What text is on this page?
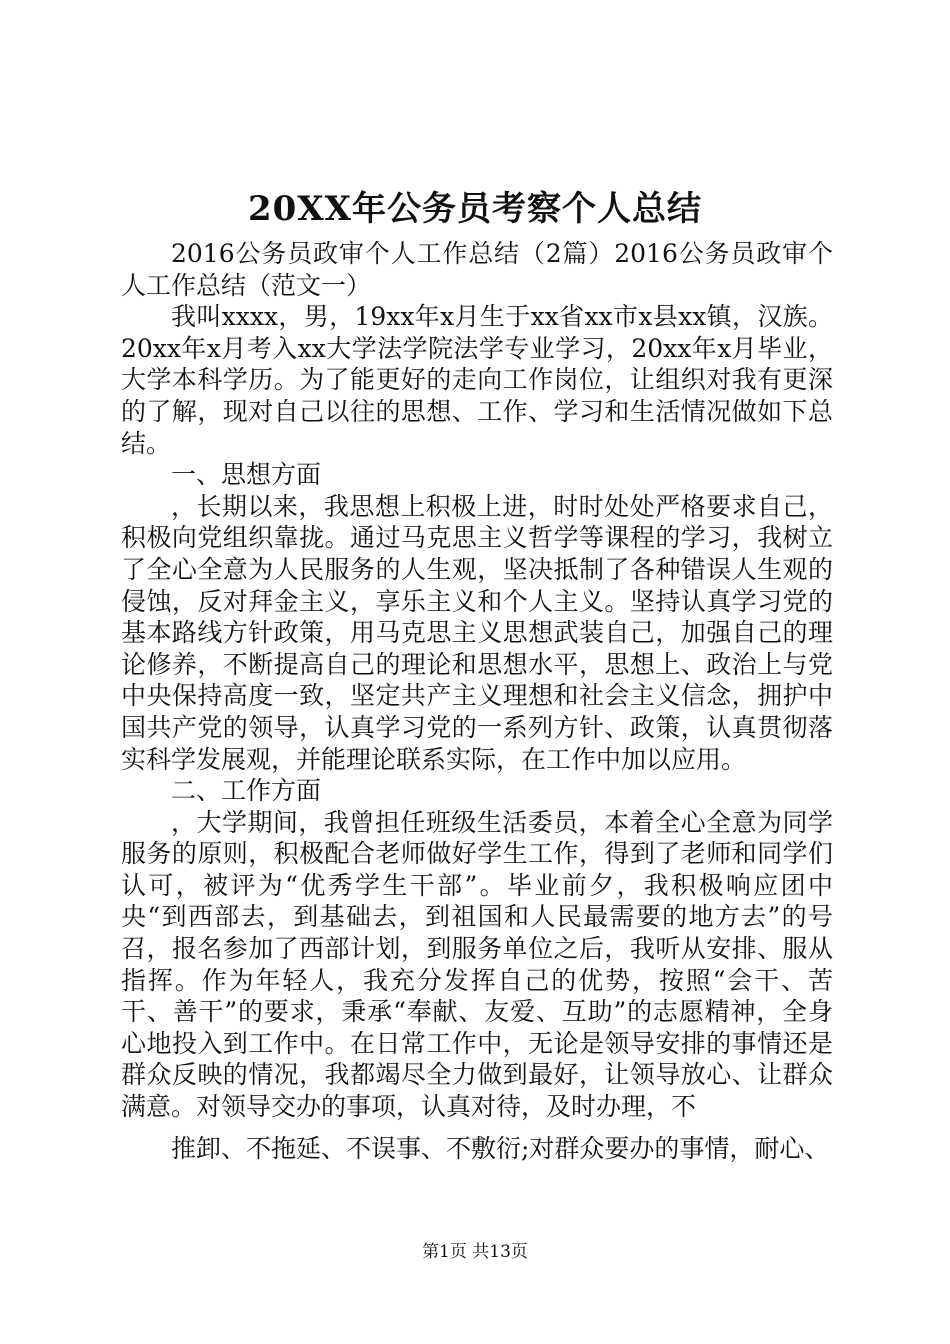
20XX年公务员考察个人总结

2016公务员政审个人工作总结（2篇）2016公务员政审个人工作总结（范文一）

我叫xxxx，男，19xx年x月生于xx省xx市x县xx镇，汉族。20xx年x月考入xx大学法学院法学专业学习，20xx年x月毕业，大学本科学历。为了能更好的走向工作岗位，让组织对我有更深的了解，现对自己以往的思想、工作、学习和生活情况做如下总结。

一、思想方面

，长期以来，我思想上积极上进，时时处处严格要求自己，积极向党组织靠拢。通过马克思主义哲学等课程的学习，我树立了全心全意为人民服务的人生观，坚决抵制了各种错误人生观的侵蚀，反对拜金主义，享乐主义和个人主义。坚持认真学习党的基本路线方针政策，用马克思主义思想武装自己，加强自己的理论修养，不断提高自己的理论和思想水平，思想上、政治上与党中央保持高度一致，坚定共产主义理想和社会主义信念，拥护中国共产党的领导，认真学习党的一系列方针、政策，认真贯彻落实科学发展观，并能理论联系实际，在工作中加以应用。

二、工作方面

，大学期间，我曾担任班级生活委员，本着全心全意为同学服务的原则，积极配合老师做好学生工作，得到了老师和同学们认可，被评为“优秀学生干部”。毕业前夕，我积极响应团中央“到西部去，到基础去，到祖国和人民最需要的地方去”的号召，报名参加了西部计划，到服务单位之后，我听从安排、服从指挥。作为年轻人，我充分发挥自己的优势，按照“会干、苦干、善干”的要求，秉承“奉献、友爱、互助”的志愿精神，全身心地投入到工作中。在日常工作中，无论是领导安排的事情还是群众反映的情况，我都竭尽全力做到最好，让领导放心、让群众满意。对领导交办的事项，认真对待，及时办理，不

推卸、不拖延、不误事、不敷衍;对群众要办的事情，耐心、

第1页 共13页
